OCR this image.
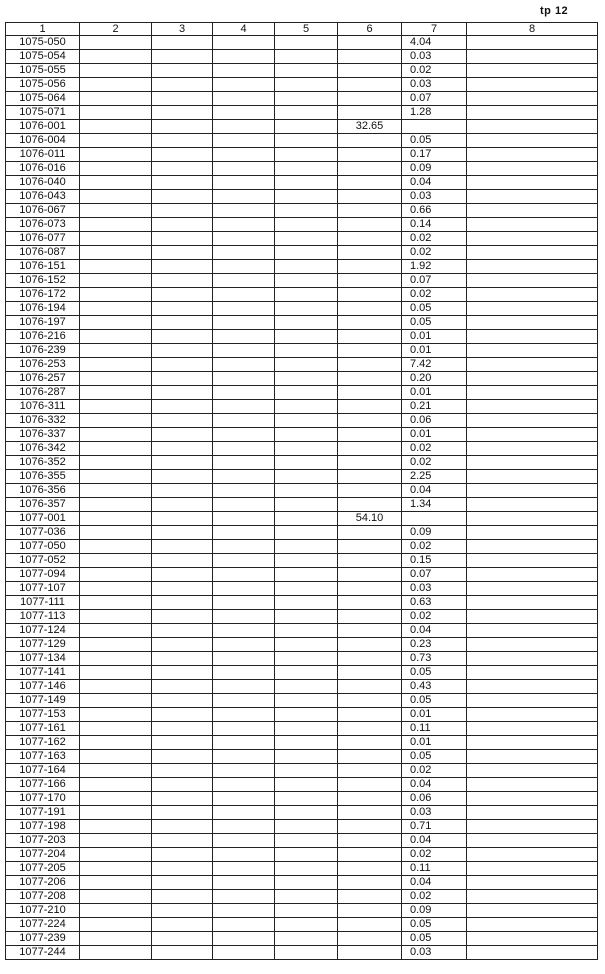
tp 12
1	2	3	4	5	6	7	8
1075-050						4.04	
1075-054						0.03	
1075-055						0.02	
1075-056						0.03	
1075-064						0.07	
1075-071						1.28	
1076-001					32.65		
1076-004						0.05	
1076-011						0.17	
1076-016						0.09	
1076-040						0.04	
1076-043						0.03	
1076-067						0.66	
1076-073						0.14	
1076-077						0.02	
1076-087						0.02	
1076-151						1.92	
1076-152						0.07	
1076-172						0.02	
1076-194						0.05	
1076-197						0.05	
1076-216						0.01	
1076-239						0.01	
1076-253						7.42	
1076-257						0.20	
1076-287						0.01	
1076-311						0.21	
1076-332						0.06	
1076-337						0.01	
1076-342						0.02	
1076-352						0.02	
1076-355						2.25	
1076-356						0.04	
1076-357						1.34	
1077-001					54.10		
1077-036						0.09	
1077-050						0.02	
1077-052						0.15	
1077-094						0.07	
1077-107						0.03	
1077-111						0.63	
1077-113						0.02	
1077-124						0.04	
1077-129						0.23	
1077-134						0.73	
1077-141						0.05	
1077-146						0.43	
1077-149						0.05	
1077-153						0.01	
1077-161						0.11	
1077-162						0.01	
1077-163						0.05	
1077-164						0.02	
1077-166						0.04	
1077-170						0.06	
1077-191						0.03	
1077-198						0.71	
1077-203						0.04	
1077-204						0.02	
1077-205						0.11	
1077-206						0.04	
1077-208						0.02	
1077-210						0.09	
1077-224						0.05	
1077-239						0.05	
1077-244						0.03	
